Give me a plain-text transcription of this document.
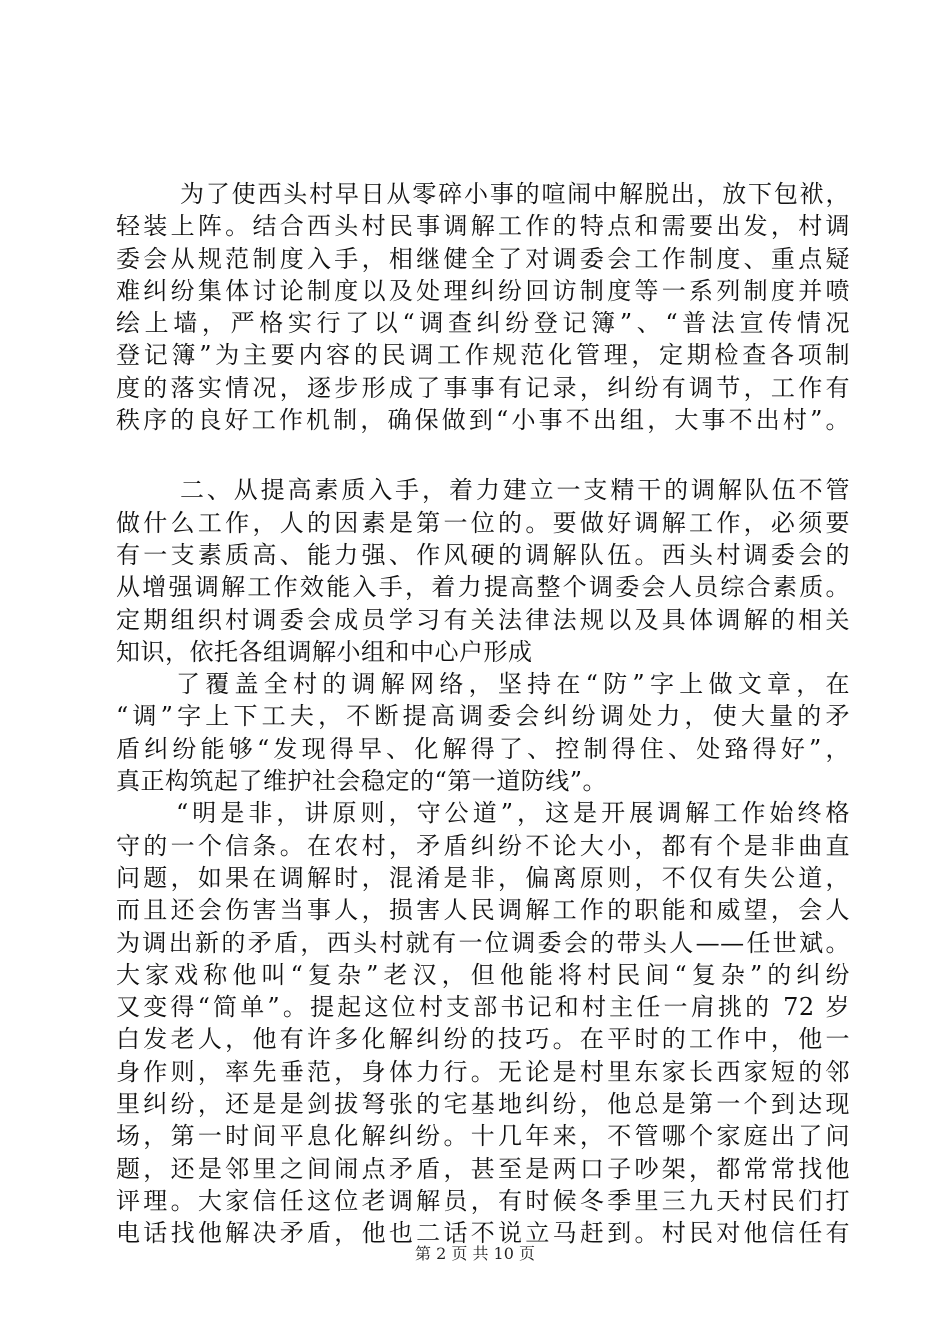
为了使西头村早日从零碎小事的喧闹中解脱出，放下包袱，
轻装上阵。结合西头村民事调解工作的特点和需要出发，村调
委会从规范制度入手，相继健全了对调委会工作制度、重点疑
难纠纷集体讨论制度以及处理纠纷回访制度等一系列制度并喷
绘上墙，严格实行了以“调查纠纷登记簿”、“普法宣传情况
登记簿”为主要内容的民调工作规范化管理，定期检查各项制
度的落实情况，逐步形成了事事有记录，纠纷有调节，工作有
秩序的良好工作机制，确保做到“小事不出组，大事不出村”。
二、从提高素质入手，着力建立一支精干的调解队伍不管
做什么工作，人的因素是第一位的。要做好调解工作，必须要
有一支素质高、能力强、作风硬的调解队伍。西头村调委会的
从增强调解工作效能入手，着力提高整个调委会人员综合素质。
定期组织村调委会成员学习有关法律法规以及具体调解的相关
知识，依托各组调解小组和中心户形成
了覆盖全村的调解网络，坚持在“防”字上做文章，在
“调”字上下工夫，不断提高调委会纠纷调处力，使大量的矛
盾纠纷能够“发现得早、化解得了、控制得住、处臵得好”，
真正构筑起了维护社会稳定的“第一道防线”。
“明是非，讲原则，守公道”，这是开展调解工作始终格
守的一个信条。在农村，矛盾纠纷不论大小，都有个是非曲直
问题，如果在调解时，混淆是非，偏离原则，不仅有失公道，
而且还会伤害当事人，损害人民调解工作的职能和威望，会人
为调出新的矛盾，西头村就有一位调委会的带头人——任世斌。
大家戏称他叫“复杂”老汉，但他能将村民间“复杂”的纠纷
又变得“简单”。提起这位村支部书记和村主任一肩挑的 72 岁
白发老人，他有许多化解纠纷的技巧。在平时的工作中，他一
身作则，率先垂范，身体力行。无论是村里东家长西家短的邻
里纠纷，还是是剑拔弩张的宅基地纠纷，他总是第一个到达现
场，第一时间平息化解纠纷。十几年来，不管哪个家庭出了问
题，还是邻里之间闹点矛盾，甚至是两口子吵架，都常常找他
评理。大家信任这位老调解员，有时候冬季里三九天村民们打
电话找他解决矛盾，他也二话不说立马赶到。村民对他信任有
第 2 页 共 10 页
